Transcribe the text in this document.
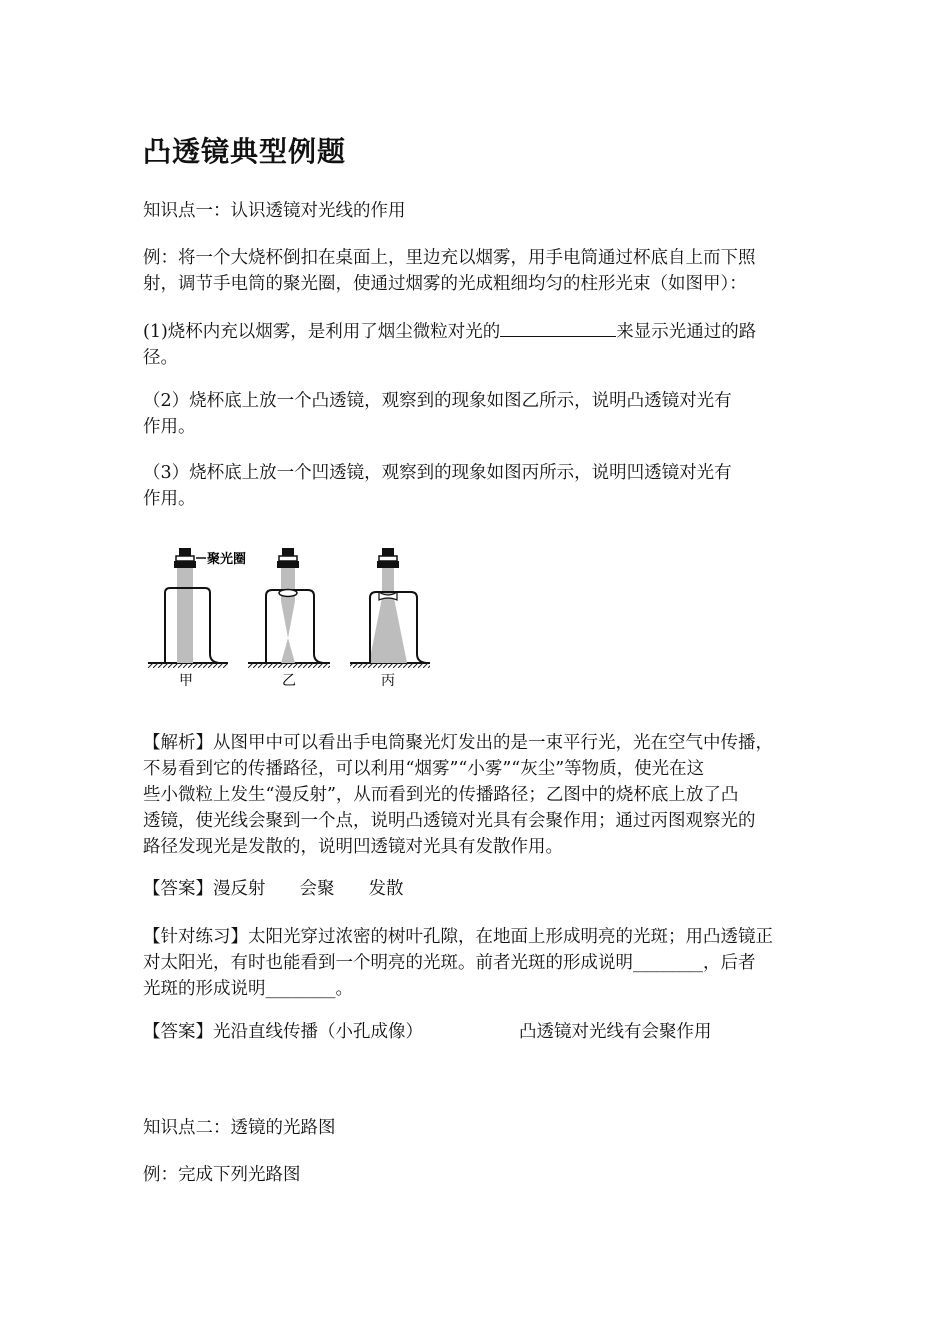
凸透镜典型例题
知识点一：认识透镜对光线的作用
例：将一个大烧杯倒扣在桌面上，里边充以烟雾，用手电筒通过杯底自上而下照
射，调节手电筒的聚光圈，使通过烟雾的光成粗细均匀的柱形光束（如图甲）：
(1)烧杯内充以烟雾，是利用了烟尘微粒对光的	来显示光通过的路
径。
（2）烧杯底上放一个凸透镜，观察到的现象如图乙所示，说明凸透镜对光有
作用。
（3）烧杯底上放一个凹透镜，观察到的现象如图丙所示，说明凹透镜对光有
作用。
聚光圈
甲	乙	丙
【解析】从图甲中可以看出手电筒聚光灯发出的是一束平行光，光在空气中传播，
不易看到它的传播路径，可以利用“烟雾”“小雾”“灰尘”等物质，使光在这
些小微粒上发生“漫反射”，从而看到光的传播路径；乙图中的烧杯底上放了凸
透镜，使光线会聚到一个点，说明凸透镜对光具有会聚作用；通过丙图观察光的
路径发现光是发散的，说明凹透镜对光具有发散作用。
【答案】漫反射 会聚 发散
【针对练习】太阳光穿过浓密的树叶孔隙，在地面上形成明亮的光斑；用凸透镜正
对太阳光，有时也能看到一个明亮的光斑。前者光斑的形成说明________，后者
光斑的形成说明________。
【答案】光沿直线传播（小孔成像）	凸透镜对光线有会聚作用
知识点二：透镜的光路图
例：完成下列光路图
